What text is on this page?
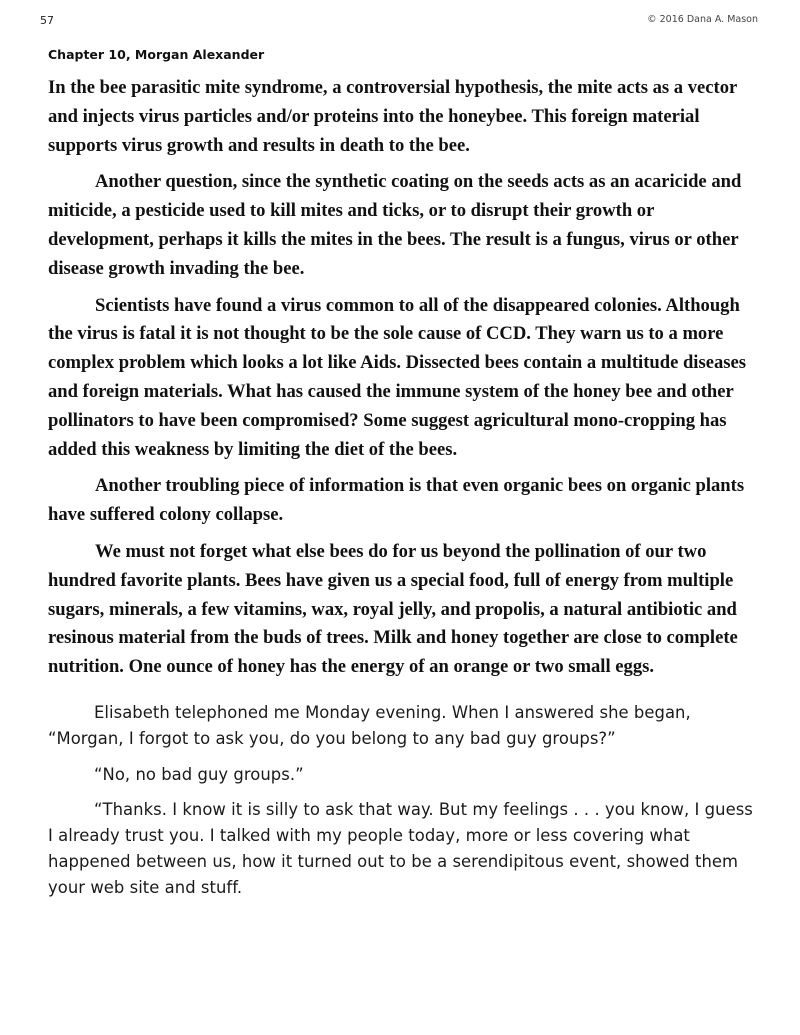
57	© 2016 Dana A. Mason
Chapter 10, Morgan Alexander

In the bee parasitic mite syndrome, a controversial hypothesis, the mite acts as a vector and injects virus particles and/or proteins into the honeybee. This foreign material supports virus growth and results in death to the bee.

Another question, since the synthetic coating on the seeds acts as an acaricide and miticide, a pesticide used to kill mites and ticks, or to disrupt their growth or development, perhaps it kills the mites in the bees. The result is a fungus, virus or other disease growth invading the bee.

Scientists have found a virus common to all of the disappeared colonies. Although the virus is fatal it is not thought to be the sole cause of CCD. They warn us to a more complex problem which looks a lot like Aids. Dissected bees contain a multitude diseases and foreign materials. What has caused the immune system of the honey bee and other pollinators to have been compromised? Some suggest agricultural mono-cropping has added this weakness by limiting the diet of the bees.

Another troubling piece of information is that even organic bees on organic plants have suffered colony collapse.

We must not forget what else bees do for us beyond the pollination of our two hundred favorite plants. Bees have given us a special food, full of energy from multiple sugars, minerals, a few vitamins, wax, royal jelly, and propolis, a natural antibiotic and resinous material from the buds of trees. Milk and honey together are close to complete nutrition. One ounce of honey has the energy of an orange or two small eggs.

Elisabeth telephoned me Monday evening. When I answered she began, “Morgan, I forgot to ask you, do you belong to any bad guy groups?”

“No, no bad guy groups.”

“Thanks. I know it is silly to ask that way. But my feelings . . . you know, I guess I already trust you. I talked with my people today, more or less covering what happened between us, how it turned out to be a serendipitous event, showed them your web site and stuff.
